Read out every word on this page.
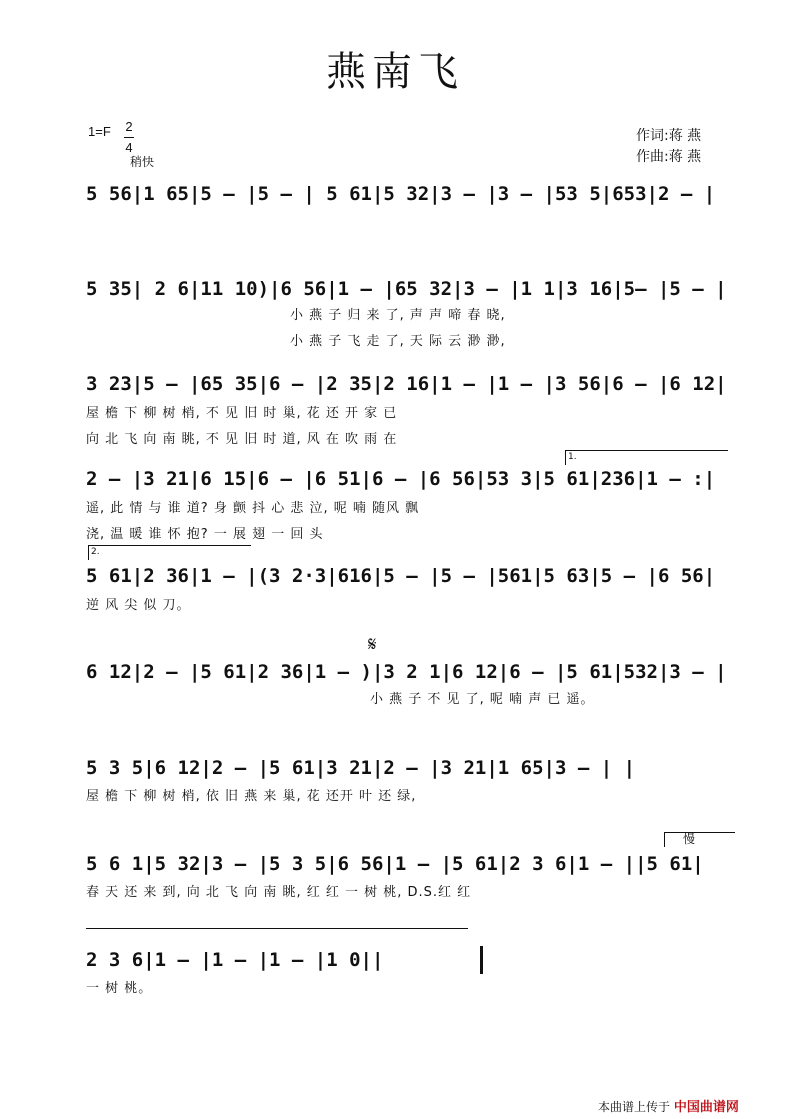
燕南飞
1=F 2
4
稍快
作词:蒋 燕
作曲:蒋 燕
5 56|1 65|5 – |5 – | 5 61|5 32|3 – |3 – |53 5|653|2 – |
5 35| 2 6|11 10)|6 56|1 – |65 32|3 – |1 1|3 16|5– |5 – |
小 燕 子 归 来 了, 声 声 啼 春 晓,
小 燕 子 飞 走 了, 天 际 云 渺 渺,
3 23|5 – |65 35|6 – |2 35|2 16|1 – |1 – |3 56|6 – |6 12|
屋 檐 下 柳 树 梢, 不 见 旧 时 巢, 花 还 开 家 已
向 北 飞 向 南 眺, 不 见 旧 时 道, 风 在 吹 雨 在
1.
2 – |3 21|6 15|6 – |6 51|6 – |6 56|53 3|5 61|236|1 – :|
遥, 此 情 与 谁 道? 身 颤 抖 心 悲 泣, 呢 喃 随风 飘
浇, 温 暖 谁 怀 抱? 一 展 翅 一 回 头
2.
5 61|2 36|1 – |(3 2·3|616|5 – |5 – |561|5 63|5 – |6 56|
逆 风 尖 似 刀。
𝄋
6 12|2 – |5 61|2 36|1 – )|3 2 1|6 12|6 – |5 61|532|3 – |
小 燕 子 不 见 了, 呢 喃 声 已 遥。
5 3 5|6 12|2 – |5 61|3 21|2 – |3 21|1 65|3 – | |
屋 檐 下 柳 树 梢, 依 旧 燕 来 巢, 花 还开 叶 还 绿,
慢
5 6 1|5 32|3 – |5 3 5|6 56|1 – |5 61|2 3 6|1 – ||5 61|
春 天 还 来 到, 向 北 飞 向 南 眺, 红 红 一 树 桃, D.S.红 红
2 3 6|1 – |1 – |1 – |1 0||
一 树 桃。
本曲谱上传于 中国曲谱网
